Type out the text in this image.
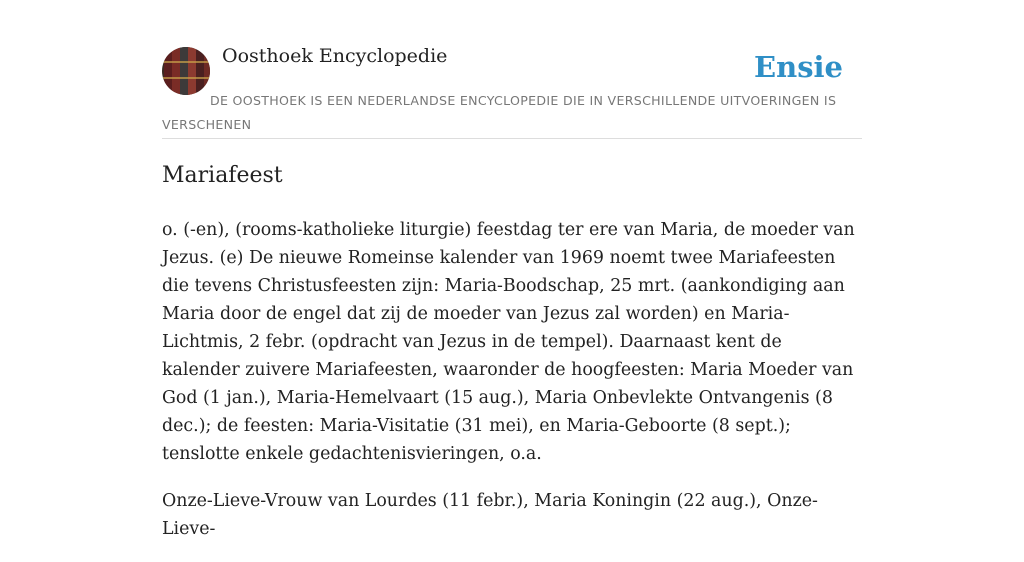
Oosthoek Encyclopedie	Ensie
DE OOSTHOEK IS EEN NEDERLANDSE ENCYCLOPEDIE DIE IN VERSCHILLENDE UITVOERINGEN IS VERSCHENEN
Mariafeest

o. (-en), (rooms-katholieke liturgie) feestdag ter ere van Maria, de moeder van Jezus. (e) De nieuwe Romeinse kalender van 1969 noemt twee Mariafeesten die tevens Christusfeesten zijn: Maria-Boodschap, 25 mrt. (aankondiging aan Maria door de engel dat zij de moeder van Jezus zal worden) en Maria-Lichtmis, 2 febr. (opdracht van Jezus in de tempel). Daarnaast kent de kalender zuivere Mariafeesten, waaronder de hoogfeesten: Maria Moeder van God (1 jan.), Maria-Hemelvaart (15 aug.), Maria Onbevlekte Ontvangenis (8 dec.); de feesten: Maria-Visitatie (31 mei), en Maria-Geboorte (8 sept.); tenslotte enkele gedachtenisvieringen, o.a.

Onze-Lieve-Vrouw van Lourdes (11 febr.), Maria Koningin (22 aug.), Onze-Lieve-
